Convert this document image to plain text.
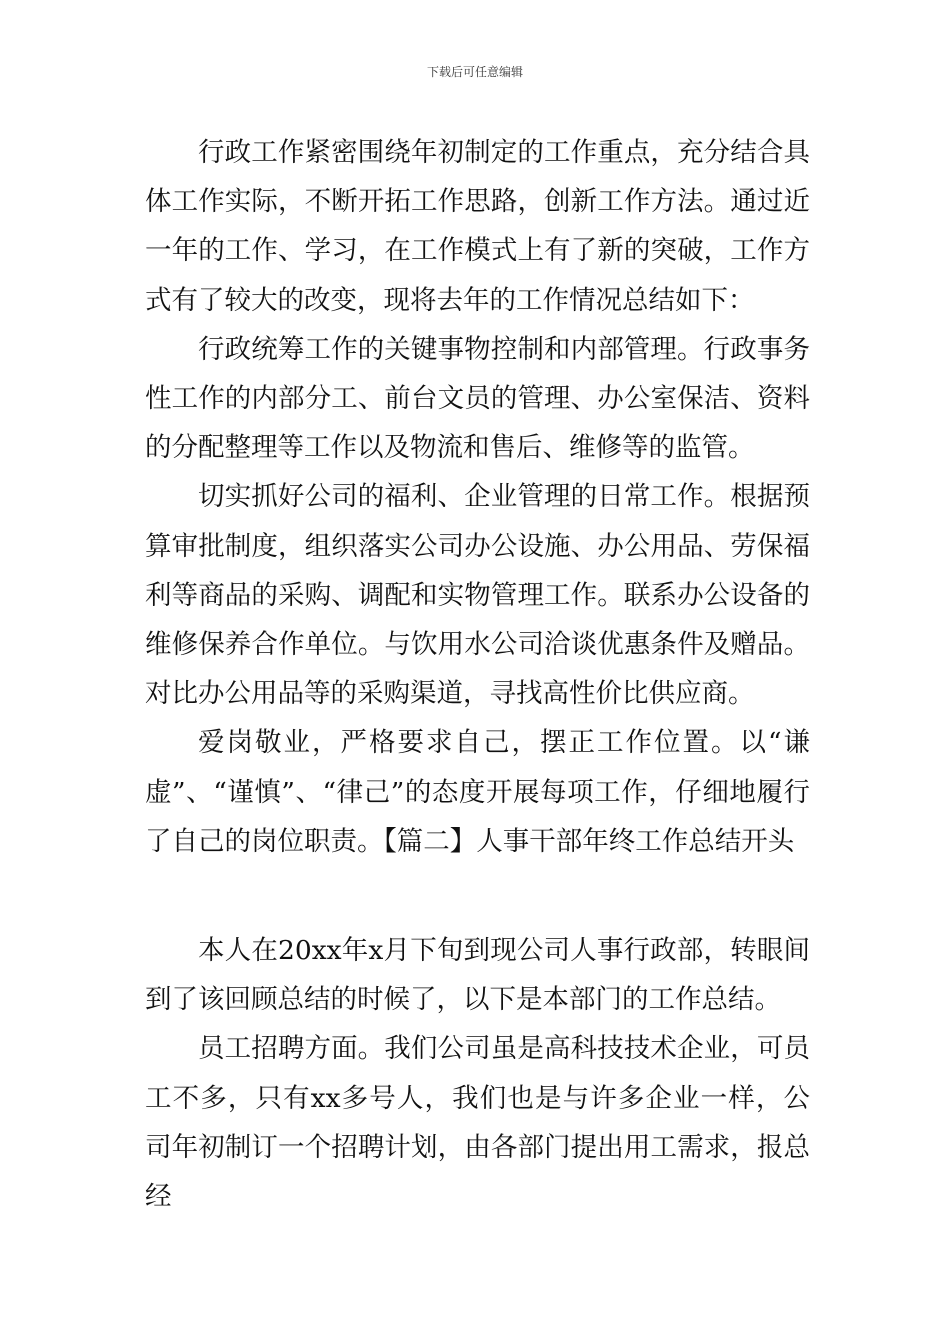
下载后可任意编辑

行政工作紧密围绕年初制定的工作重点，充分结合具体工作实际，不断开拓工作思路，创新工作方法。通过近一年的工作、学习，在工作模式上有了新的突破，工作方式有了较大的改变，现将去年的工作情况总结如下：

行政统筹工作的关键事物控制和内部管理。行政事务性工作的内部分工、前台文员的管理、办公室保洁、资料的分配整理等工作以及物流和售后、维修等的监管。

切实抓好公司的福利、企业管理的日常工作。根据预算审批制度，组织落实公司办公设施、办公用品、劳保福利等商品的采购、调配和实物管理工作。联系办公设备的维修保养合作单位。与饮用水公司洽谈优惠条件及赠品。对比办公用品等的采购渠道，寻找高性价比供应商。

爱岗敬业，严格要求自己，摆正工作位置。以“谦虚”、“谨慎”、“律己”的态度开展每项工作，仔细地履行了自己的岗位职责。【篇二】人事干部年终工作总结开头

本人在20xx年x月下旬到现公司人事行政部，转眼间到了该回顾总结的时候了，以下是本部门的工作总结。

员工招聘方面。我们公司虽是高科技技术企业，可员工不多，只有xx多号人，我们也是与许多企业一样，公司年初制订一个招聘计划，由各部门提出用工需求，报总经
